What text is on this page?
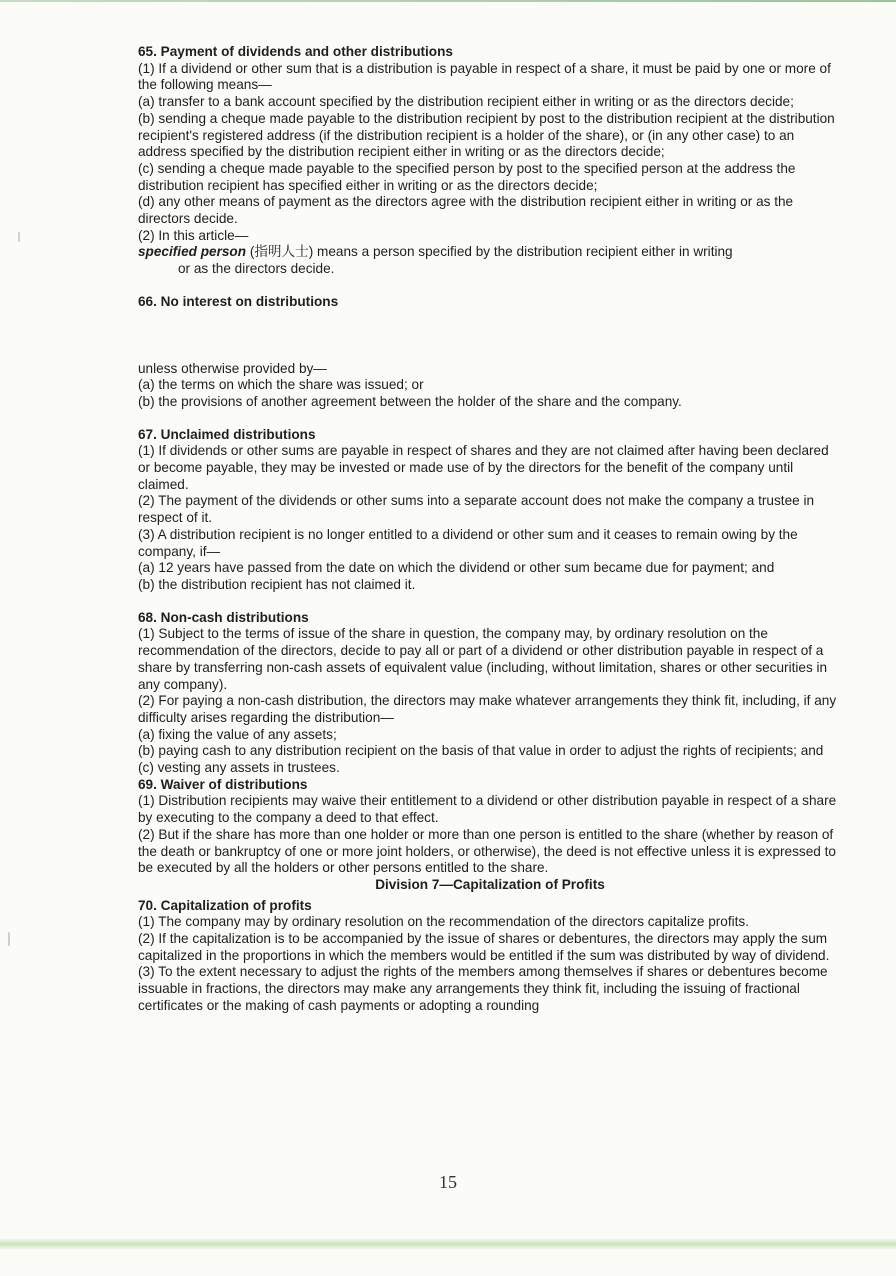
65. Payment of dividends and other distributions

(1) If a dividend or other sum that is a distribution is payable in respect of a share, it must be paid by one or more of the following means—

(a) transfer to a bank account specified by the distribution recipient either in writing or as the directors decide;

(b) sending a cheque made payable to the distribution recipient by post to the distribution recipient at the distribution recipient's registered address (if the distribution recipient is a holder of the share), or (in any other case) to an address specified by the distribution recipient either in writing or as the directors decide;

(c) sending a cheque made payable to the specified person by post to the specified person at the address the distribution recipient has specified either in writing or as the directors decide;

(d) any other means of payment as the directors agree with the distribution recipient either in writing or as the directors decide.

(2) In this article—

specified person (指明人士) means a person specified by the distribution recipient either in writing
or as the directors decide.

66. No interest on distributions

unless otherwise provided by—

(a) the terms on which the share was issued; or

(b) the provisions of another agreement between the holder of the share and the company.

67. Unclaimed distributions

(1) If dividends or other sums are payable in respect of shares and they are not claimed after having been declared or become payable, they may be invested or made use of by the directors for the benefit of the company until claimed.

(2) The payment of the dividends or other sums into a separate account does not make the company a trustee in respect of it.

(3) A distribution recipient is no longer entitled to a dividend or other sum and it ceases to remain owing by the company, if—

(a) 12 years have passed from the date on which the dividend or other sum became due for payment; and

(b) the distribution recipient has not claimed it.

68. Non-cash distributions

(1) Subject to the terms of issue of the share in question, the company may, by ordinary resolution on the recommendation of the directors, decide to pay all or part of a dividend or other distribution payable in respect of a share by transferring non-cash assets of equivalent value (including, without limitation, shares or other securities in any company).

(2) For paying a non-cash distribution, the directors may make whatever arrangements they think fit, including, if any difficulty arises regarding the distribution—

(a) fixing the value of any assets;

(b) paying cash to any distribution recipient on the basis of that value in order to adjust the rights of recipients; and

(c) vesting any assets in trustees.

69. Waiver of distributions

(1) Distribution recipients may waive their entitlement to a dividend or other distribution payable in respect of a share by executing to the company a deed to that effect.

(2) But if the share has more than one holder or more than one person is entitled to the share (whether by reason of the death or bankruptcy of one or more joint holders, or otherwise), the deed is not effective unless it is expressed to be executed by all the holders or other persons entitled to the share.

Division 7—Capitalization of Profits

70. Capitalization of profits

(1) The company may by ordinary resolution on the recommendation of the directors capitalize profits.

(2) If the capitalization is to be accompanied by the issue of shares or debentures, the directors may apply the sum capitalized in the proportions in which the members would be entitled if the sum was distributed by way of dividend.

(3) To the extent necessary to adjust the rights of the members among themselves if shares or debentures become issuable in fractions, the directors may make any arrangements they think fit, including the issuing of fractional certificates or the making of cash payments or adopting a rounding

15
